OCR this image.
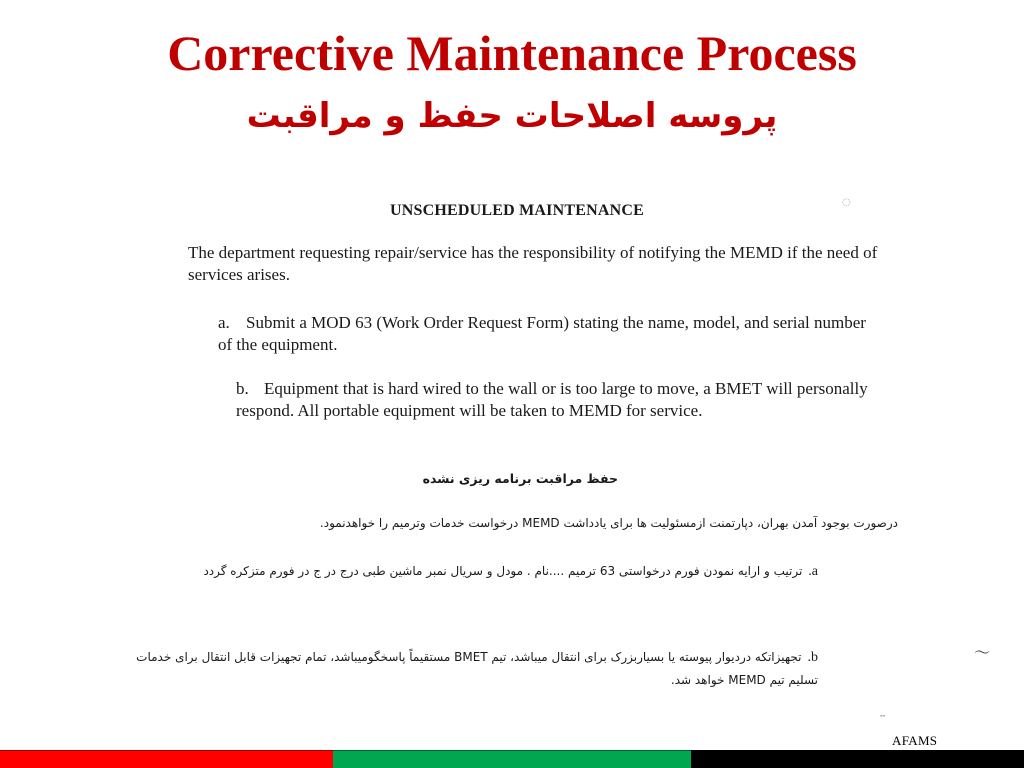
Corrective Maintenance Process
پروسه اصلاحات حفظ و مراقبت
UNSCHEDULED MAINTENANCE
The department requesting repair/service has the responsibility of notifying the MEMD if the need of services arises.
a. Submit a MOD 63 (Work Order Request Form) stating the name, model, and serial number of the equipment.
b. Equipment that is hard wired to the wall or is too large to move, a BMET will personally respond. All portable equipment will be taken to MEMD for service.
حفظ مراقبت برنامه ریزی نشده
درصورت بوجود آمدن بهران، دپارتمنت ازمسئولیت ها برای یادداشت MEMD درخواست خدمات وترمیم را خواهدنمود.
a.ترتیب و ارایه نمودن فورم درخواستی 63 ترمیم ....نام . مودل و سریال نمبر ماشین طبی درج در ج در فورم متزکره گردد
b.تجهیزاتکه دردیوار پیوسته یا بسیاربزرک برای انتقال میباشد، تیم BMET مستقیماً پاسخگومیباشد، تمام تجهیزات قابل انتقال برای خدمات تسلیم تیم MEMD خواهد شد.
◌
〜
╌
AFAMS
